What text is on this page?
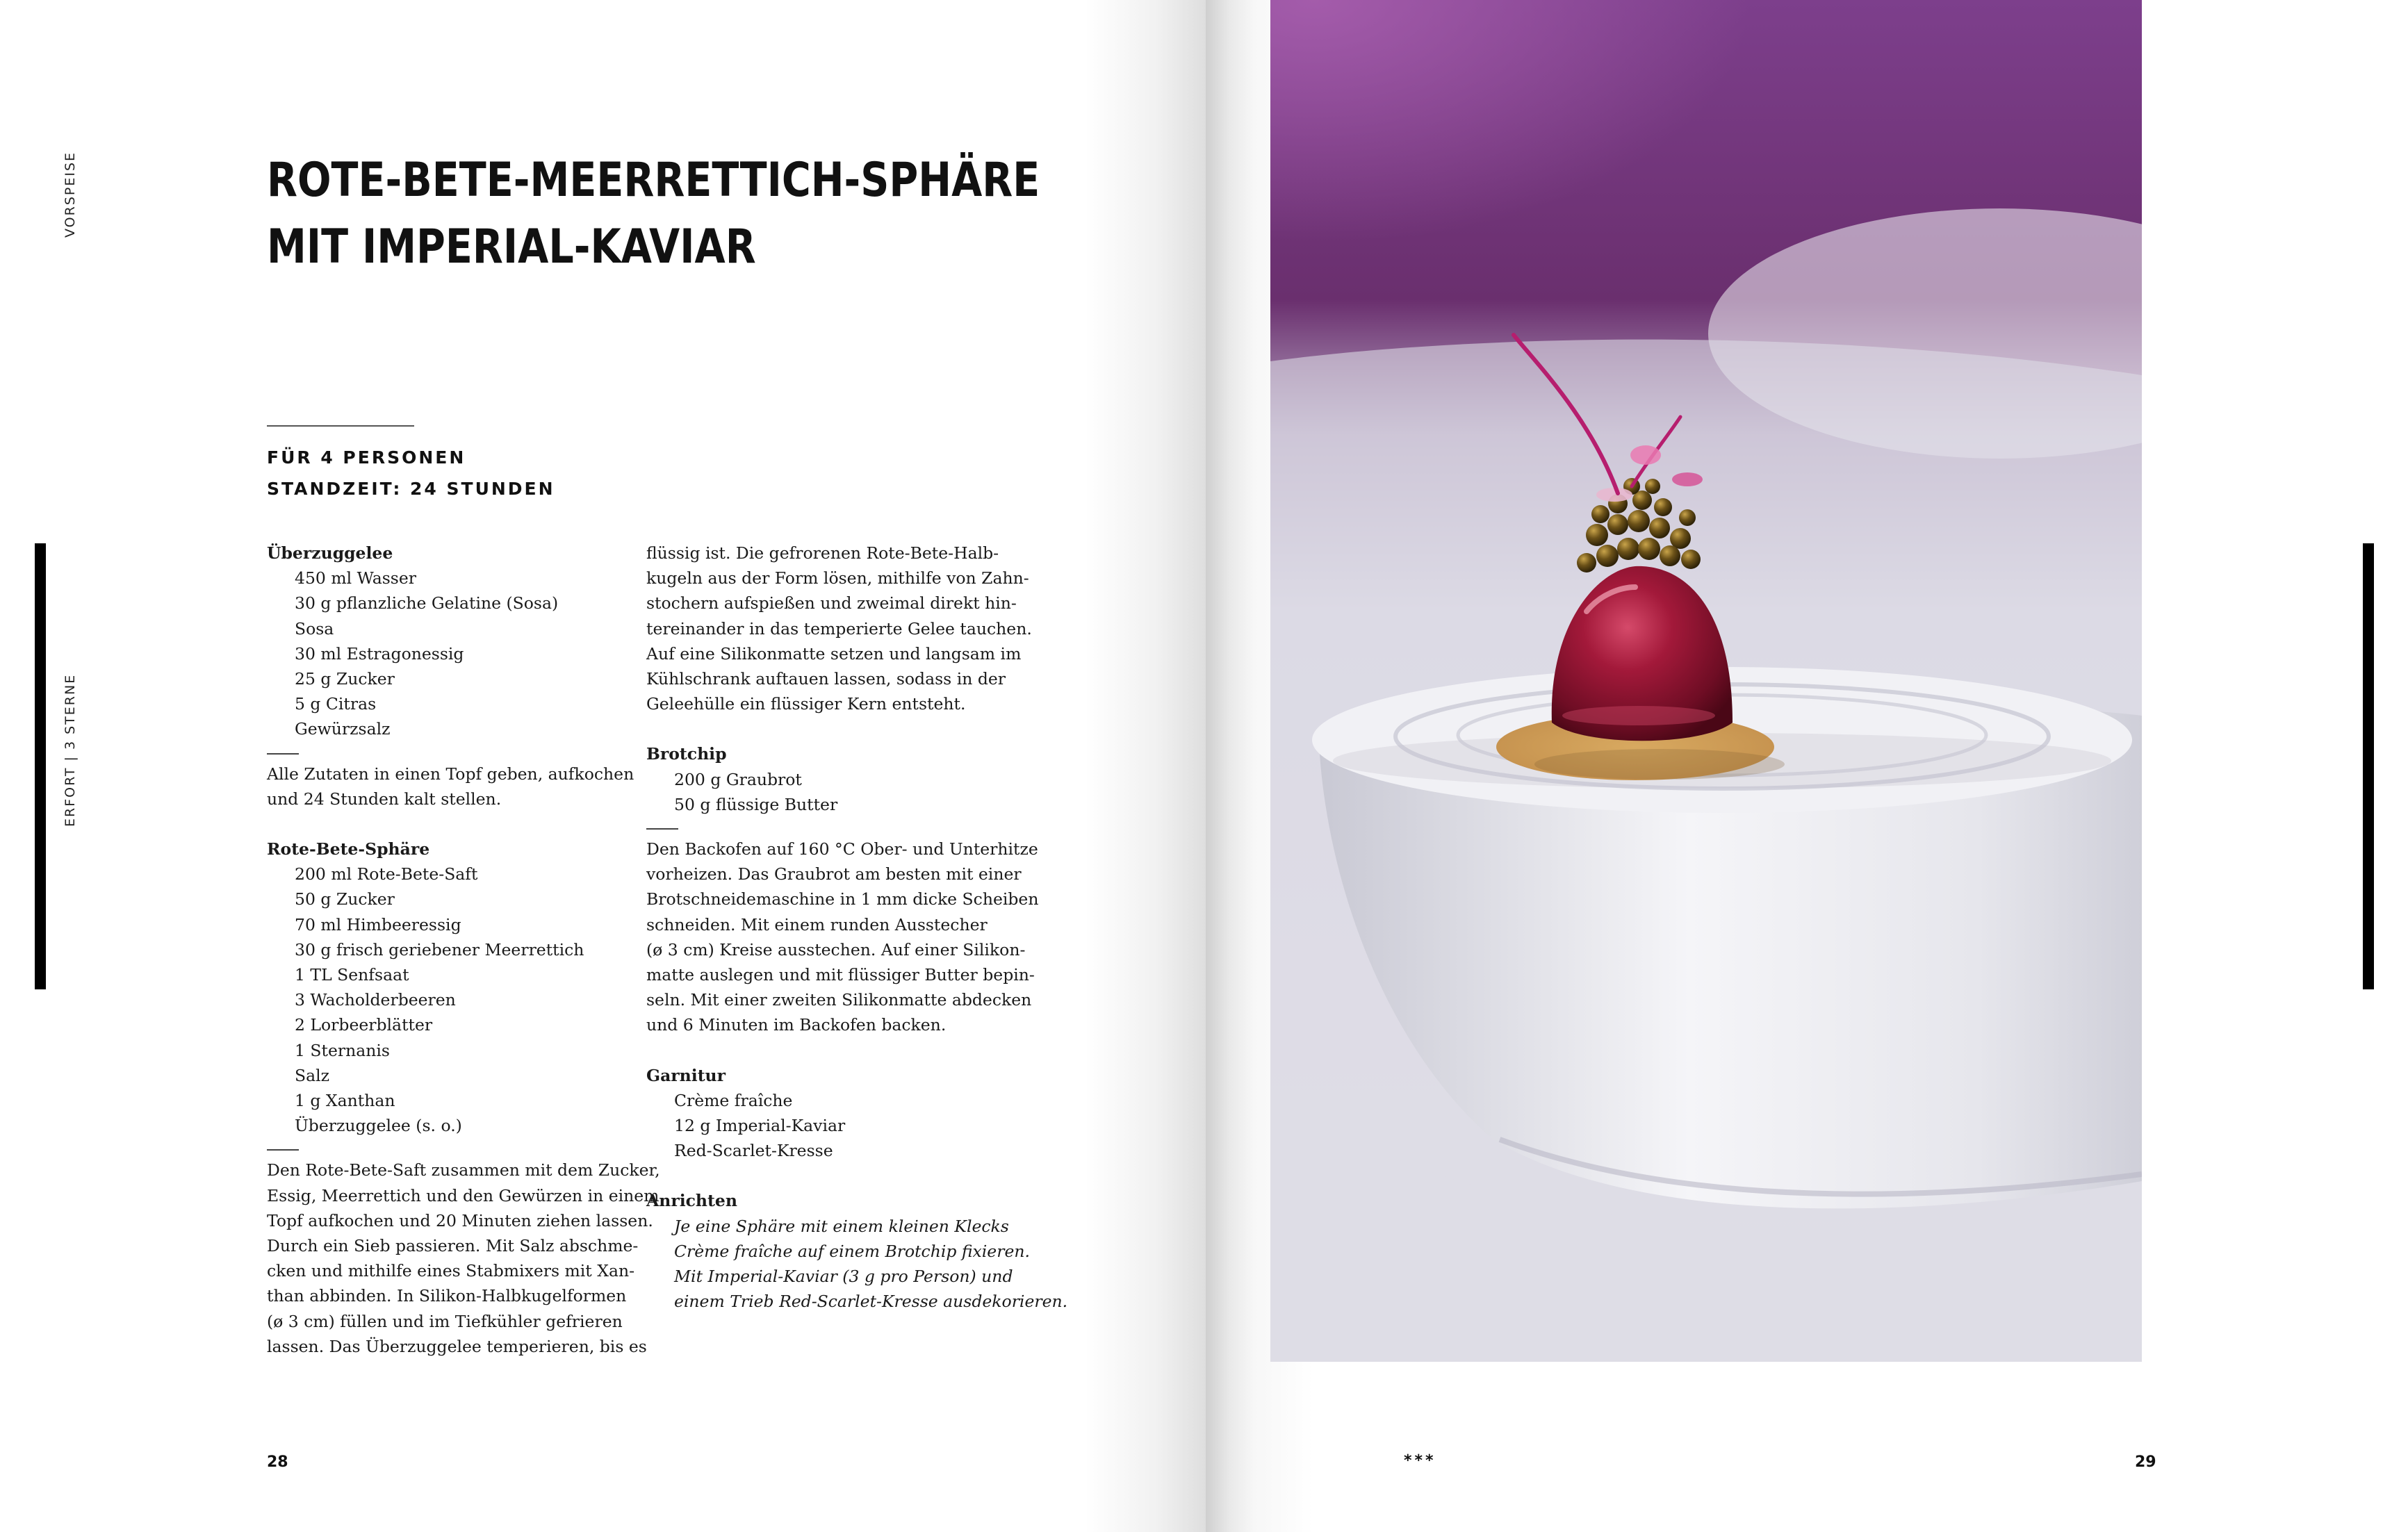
VORSPEISE
ERFORT | 3 STERNE
ROTE-BETE-MEERRETTICH-SPHÄRE
MIT IMPERIAL-KAVIAR

FÜR 4 PERSONEN

STANDZEIT: 24 STUNDEN

Überzuggelee

450 ml Wasser

30 g pflanzliche Gelatine (Sosa)

Sosa

30 ml Estragonessig

25 g Zucker

5 g Citras

Gewürzsalz

Alle Zutaten in einen Topf geben, aufkochen

und 24 Stunden kalt stellen.

Rote-Bete-Sphäre

200 ml Rote-Bete-Saft

50 g Zucker

70 ml Himbeeressig

30 g frisch geriebener Meerrettich

1 TL Senfsaat

3 Wacholderbeeren

2 Lorbeerblätter

1 Sternanis

Salz

1 g Xanthan

Überzuggelee (s. o.)

Den Rote-Bete-Saft zusammen mit dem Zucker,

Essig, Meerrettich und den Gewürzen in einem

Topf aufkochen und 20 Minuten ziehen lassen.

Durch ein Sieb passieren. Mit Salz abschme-

cken und mithilfe eines Stabmixers mit Xan-

than abbinden. In Silikon-Halbkugelformen

(ø 3 cm) füllen und im Tiefkühler gefrieren

lassen. Das Überzuggelee temperieren, bis es

flüssig ist. Die gefrorenen Rote-Bete-Halb-

kugeln aus der Form lösen, mithilfe von Zahn-

stochern aufspießen und zweimal direkt hin-

tereinander in das temperierte Gelee tauchen.

Auf eine Silikonmatte setzen und langsam im

Kühlschrank auftauen lassen, sodass in der

Geleehülle ein flüssiger Kern entsteht.

Brotchip

200 g Graubrot

50 g flüssige Butter

Den Backofen auf 160 °C Ober- und Unterhitze

vorheizen. Das Graubrot am besten mit einer

Brotschneidemaschine in 1 mm dicke Scheiben

schneiden. Mit einem runden Ausstecher

(ø 3 cm) Kreise ausstechen. Auf einer Silikon-

matte auslegen und mit flüssiger Butter bepin-

seln. Mit einer zweiten Silikonmatte abdecken

und 6 Minuten im Backofen backen.

Garnitur

Crème fraîche

12 g Imperial-Kaviar

Red-Scarlet-Kresse

Anrichten

Je eine Sphäre mit einem kleinen Klecks

Crème fraîche auf einem Brotchip fixieren.

Mit Imperial-Kaviar (3 g pro Person) und

einem Trieb Red-Scarlet-Kresse ausdekorieren.

28	***	29
